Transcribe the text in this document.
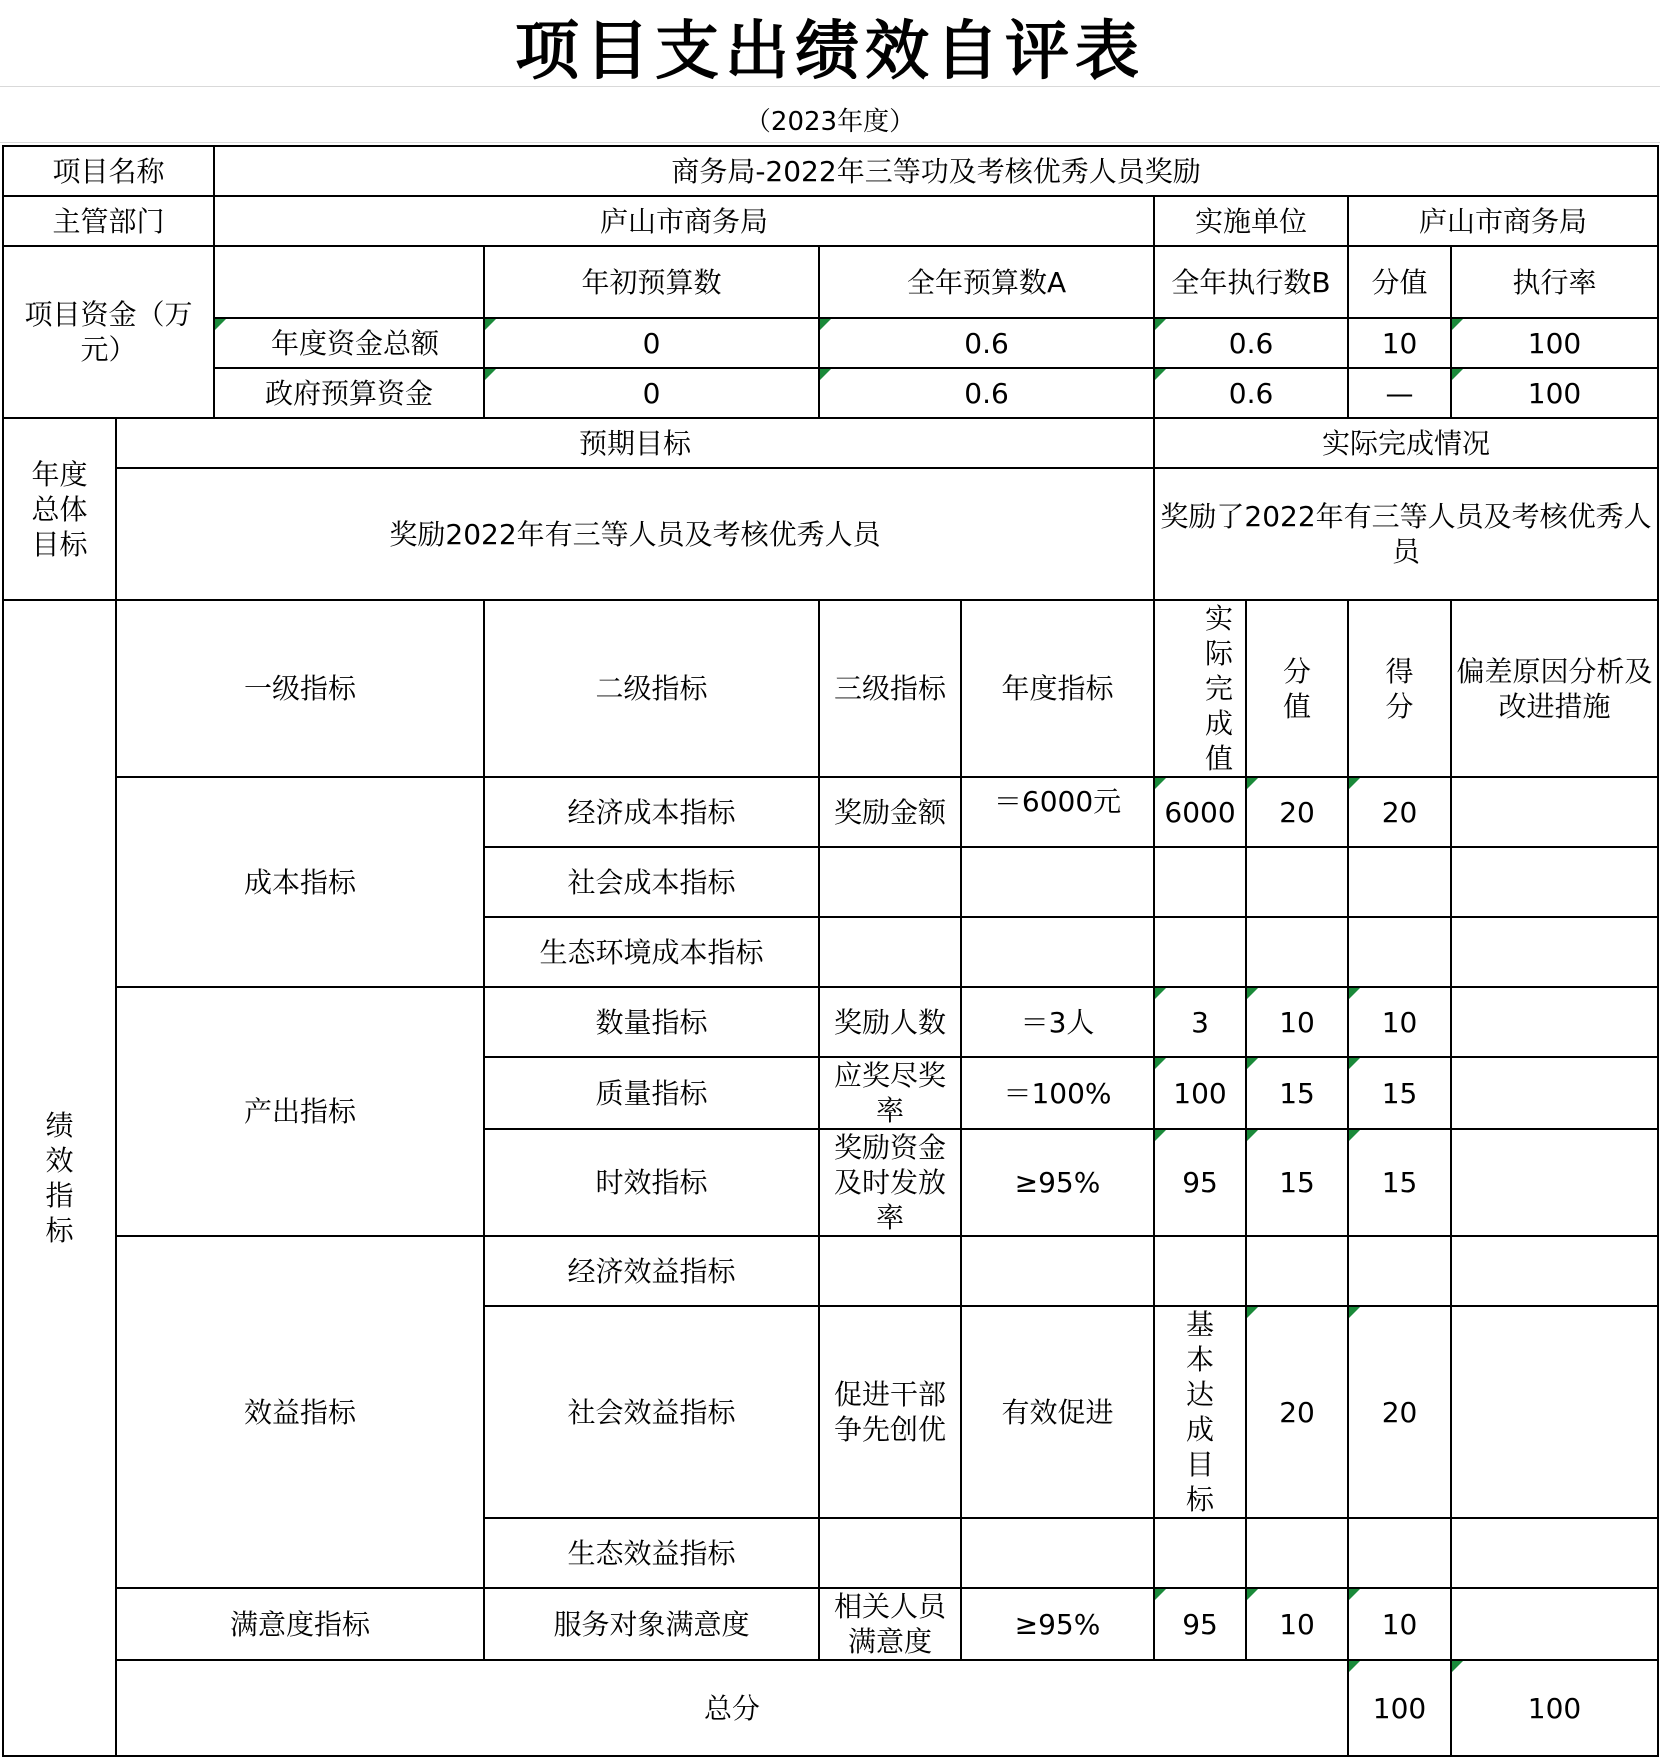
项目支出绩效自评表
（2023年度）
项目名称		商务局-2022年三等功及考核优秀人员奖励								
主管部门		庐山市商务局				实施单位		庐山市商务局		
项目资金（万元）			年初预算数	全年预算数A		全年执行数B		分值	执行率	
		年度资金总额	0	0.6		0.6		10	100	
		政府预算资金	0	0.6		0.6		—	100	
年度总体目标	预期目标					实际完成情况				
	奖励2022年有三等人员及考核优秀人员					奖励了2022年有三等人员及考核优秀人员				
绩效指标	一级指标		二级指标	三级指标	年度指标	实际完成值	分值	得分	偏差原因分析及改进措施	
	成本指标		经济成本指标	奖励金额	＝6000元	6000	20	20		
			社会成本指标							
			生态环境成本指标							
	产出指标		数量指标	奖励人数	＝3人	3	10	10		
			质量指标	应奖尽奖率	＝100%	100	15	15		
			时效指标	奖励资金及时发放率	≥95%	95	15	15		
	效益指标		经济效益指标							
			社会效益指标	促进干部争先创优	有效促进	基本达成目标	20	20		
			生态效益指标							
	满意度指标		服务对象满意度	相关人员满意度	≥95%	95	10	10		
	总分							100	100	
